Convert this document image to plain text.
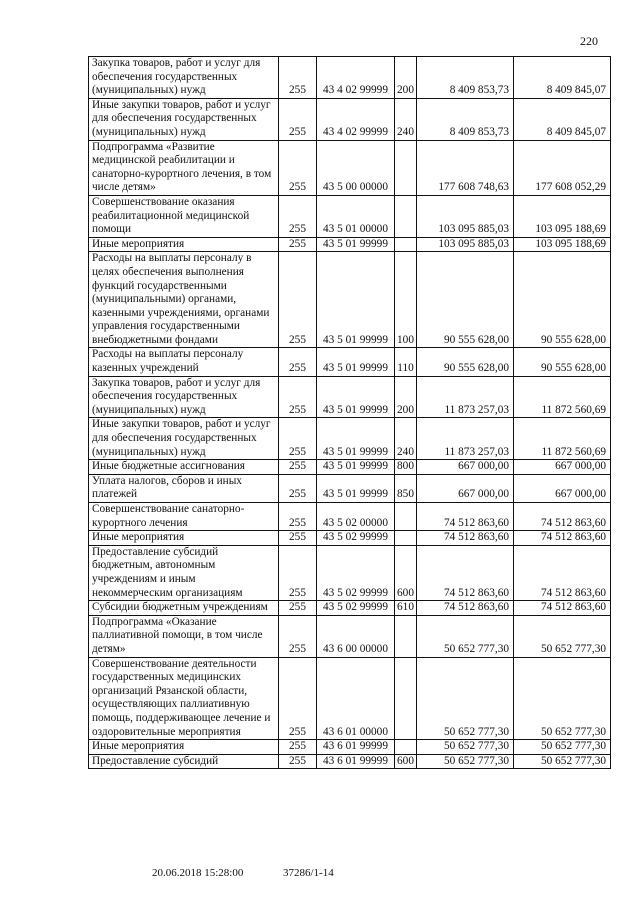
220
Закупка товаров, работ и услуг для обеспечения государственных (муниципальных) нужд	255	43 4 02 99999	200	8 409 853,73	8 409 845,07
Иные закупки товаров, работ и услуг для обеспечения государственных (муниципальных) нужд	255	43 4 02 99999	240	8 409 853,73	8 409 845,07
Подпрограмма «Развитие медицинской реабилитации и санаторно-курортного лечения, в том числе детям»	255	43 5 00 00000		177 608 748,63	177 608 052,29
Совершенствование оказания реабилитационной медицинской помощи	255	43 5 01 00000		103 095 885,03	103 095 188,69
Иные мероприятия	255	43 5 01 99999		103 095 885,03	103 095 188,69
Расходы на выплаты персоналу в целях обеспечения выполнения функций государственными (муниципальными) органами, казенными учреждениями, органами управления государственными внебюджетными фондами	255	43 5 01 99999	100	90 555 628,00	90 555 628,00
Расходы на выплаты персоналу казенных учреждений	255	43 5 01 99999	110	90 555 628,00	90 555 628,00
Закупка товаров, работ и услуг для обеспечения государственных (муниципальных) нужд	255	43 5 01 99999	200	11 873 257,03	11 872 560,69
Иные закупки товаров, работ и услуг для обеспечения государственных (муниципальных) нужд	255	43 5 01 99999	240	11 873 257,03	11 872 560,69
Иные бюджетные ассигнования	255	43 5 01 99999	800	667 000,00	667 000,00
Уплата налогов, сборов и иных платежей	255	43 5 01 99999	850	667 000,00	667 000,00
Совершенствование санаторно-курортного лечения	255	43 5 02 00000		74 512 863,60	74 512 863,60
Иные мероприятия	255	43 5 02 99999		74 512 863,60	74 512 863,60
Предоставление субсидий бюджетным, автономным учреждениям и иным некоммерческим организациям	255	43 5 02 99999	600	74 512 863,60	74 512 863,60
Субсидии бюджетным учреждениям	255	43 5 02 99999	610	74 512 863,60	74 512 863,60
Подпрограмма «Оказание паллиативной помощи, в том числе детям»	255	43 6 00 00000		50 652 777,30	50 652 777,30
Совершенствование деятельности государственных медицинских организаций Рязанской области, осуществляющих паллиативную помощь, поддерживающее лечение и оздоровительные мероприятия	255	43 6 01 00000		50 652 777,30	50 652 777,30
Иные мероприятия	255	43 6 01 99999		50 652 777,30	50 652 777,30
Предоставление субсидий	255	43 6 01 99999	600	50 652 777,30	50 652 777,30
20.06.2018 15:28:00	37286/1-14
